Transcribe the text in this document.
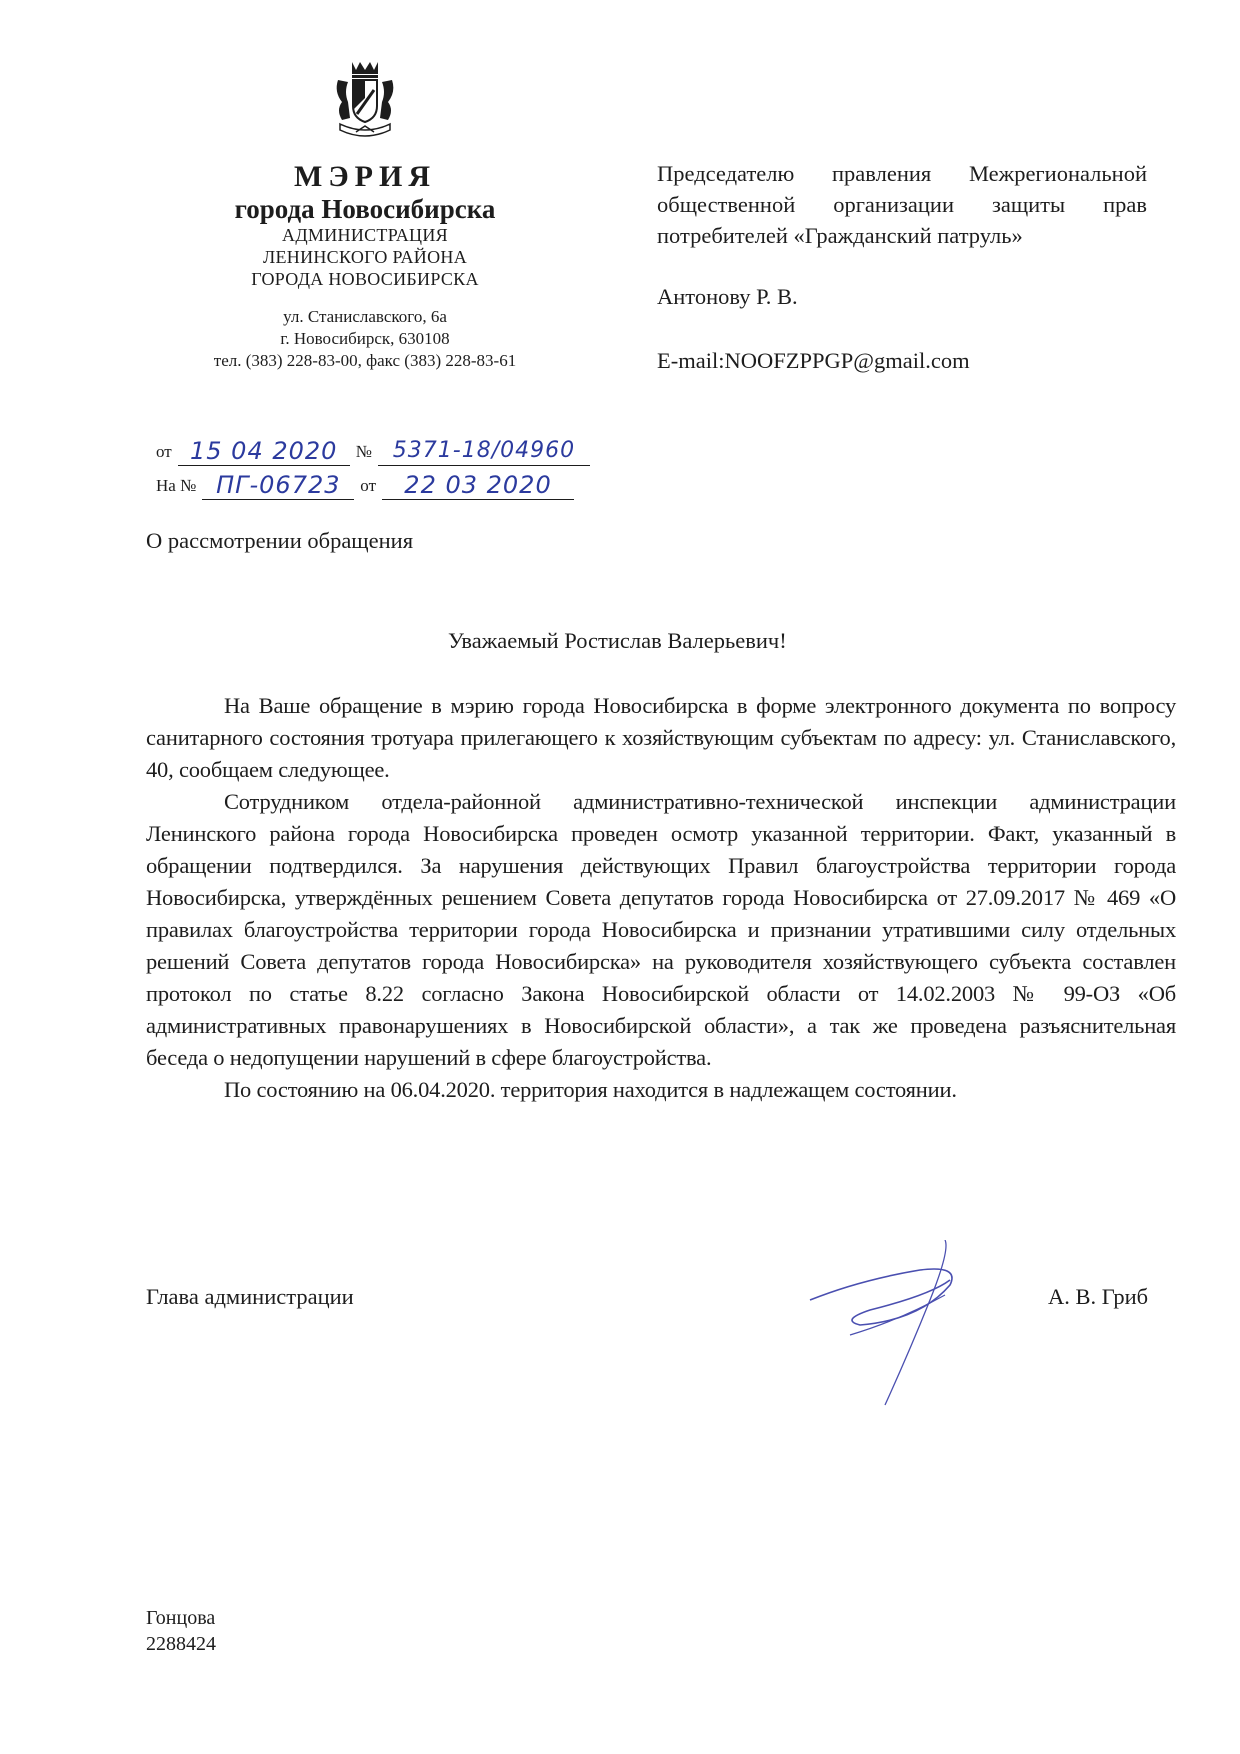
МЭРИЯ
города Новосибирска
АДМИНИСТРАЦИЯ
ЛЕНИНСКОГО РАЙОНА
ГОРОДА НОВОСИБИРСКА
ул. Станиславского, 6а
г. Новосибирск, 630108
тел. (383) 228-83-00, факс (383) 228-83-61
от 15 04 2020	№ 5371-18/04960
На № ПГ-06723	от	22 03 2020
Председателю правления Межрегиональной общественной организации защиты прав потребителей «Гражданский патруль»
Антонову Р. В.
E-mail:NOOFZPPGP@gmail.com
О рассмотрении обращения
Уважаемый Ростислав Валерьевич!

На Ваше обращение в мэрию города Новосибирска в форме электронного документа по вопросу санитарного состояния тротуара прилегающего к хозяйствующим субъектам по адресу: ул. Станиславского, 40, сообщаем следующее.

Сотрудником отдела-районной административно-технической инспекции администрации Ленинского района города Новосибирска проведен осмотр указанной территории. Факт, указанный в обращении подтвердился. За нарушения действующих Правил благоустройства территории города Новосибирска, утверждённых решением Совета депутатов города Новосибирска от 27.09.2017 № 469 «О правилах благоустройства территории города Новосибирска и признании утратившими силу отдельных решений Совета депутатов города Новосибирска» на руководителя хозяйствующего субъекта составлен протокол по статье 8.22 согласно Закона Новосибирской области от 14.02.2003 № 99-ОЗ «Об административных правонарушениях в Новосибирской области», а так же проведена разъяснительная беседа о недопущении нарушений в сфере благоустройства.

По состоянию на 06.04.2020. территория находится в надлежащем состоянии.

Глава администрации	А. В. Гриб
Гонцова
2288424
